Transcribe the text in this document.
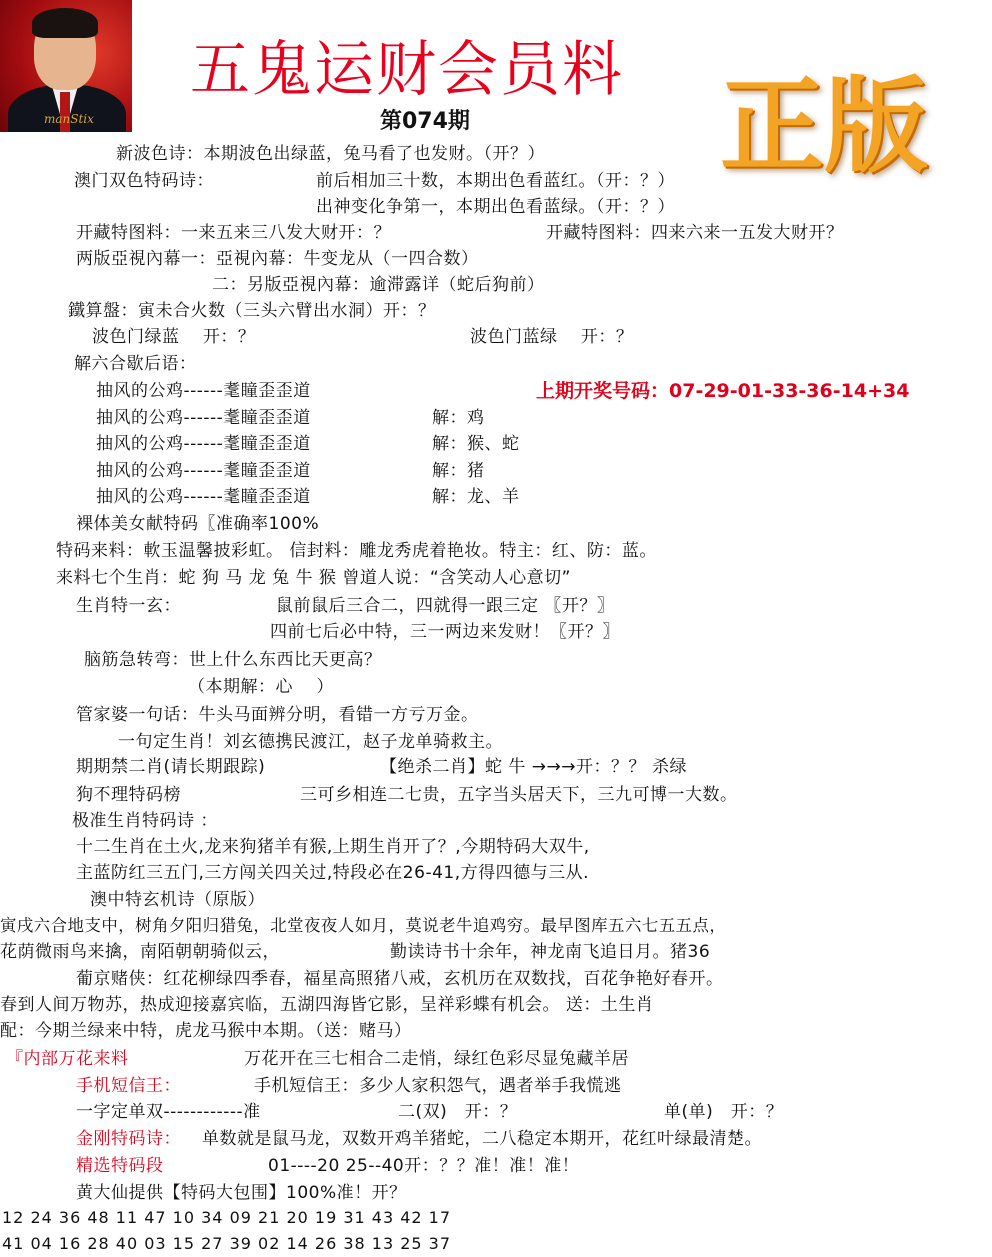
manStix
五鬼运财会员料
第074期 正版
新波色诗：本期波色出绿蓝，兔马看了也发财。（开？）
澳门双色特码诗：	前后相加三十数，本期出色看蓝红。（开：？）
出神变化争第一，本期出色看蓝绿。（开：？）
开藏特图料：一来五来三八发大财开：？	开藏特图料：四来六来一五发大财开？
两版亞視內幕一：亞視內幕：牛变龙从（一四合数）
二：另版亞視內幕：逾滞露详（蛇后狗前）
鐵算盤：寅未合火数（三头六臂出水洞）开：？
波色门绿蓝　 开：？	波色门蓝绿　 开：？
解六合歇后语：
抽风的公鸡------耄瞳歪歪道
抽风的公鸡------耄瞳歪歪道	解：鸡
抽风的公鸡------耄瞳歪歪道	解：猴、蛇
抽风的公鸡------耄瞳歪歪道	解：猪
抽风的公鸡------耄瞳歪歪道	解：龙、羊
上期开奖号码：07-29-01-33-36-14+34
裸体美女献特码〖准确率100%
特码来料：軟玉温馨披彩虹。 信封料：雕龙秀虎着艳妆。特主：红、防：蓝。
来料七个生肖：蛇 狗 马 龙 兔 牛 猴 曾道人说：“含笑动人心意切”
生肖特一玄：	鼠前鼠后三合二，四就得一跟三定 〖开？〗
四前七后必中特，三一两边来发财！〖开？〗
脑筋急转弯：世上什么东西比天更高？
（本期解：心　 ）
管家婆一句话：牛头马面辨分明，看错一方亏万金。
一句定生肖！刘玄德携民渡江，赵子龙单骑救主。
期期禁二肖(请长期跟踪)	【绝杀二肖】蛇 牛 →→→开：？？ 杀绿
狗不理特码榜	三可乡相连二七贵，五字当头居天下，三九可博一大数。
极准生肖特码诗 ：
十二生肖在土火,龙来狗猪羊有猴,上期生肖开了？,今期特码大双牛,
主蓝防红三五门,三方闯关四关过,特段必在26-41,方得四德与三从.
澳中特玄机诗（原版）
寅戌六合地支中，树角夕阳归猎兔，北堂夜夜人如月，莫说老牛追鸡穷。最早图库五六七五五点，
花荫微雨鸟来擒，南陌朝朝骑似云，	勤读诗书十余年，神龙南飞追日月。猪36
葡京赌侠：红花柳绿四季春，福星高照猪八戒，玄机历在双数找，百花争艳好春开。
春到人间万物苏，热成迎接嘉宾临，五湖四海皆它影，呈祥彩蝶有机会。 送：土生肖
配：今期兰绿来中特，虎龙马猴中本期。（送：赌马）
『内部万花来料	万花开在三七相合二走悄，绿红色彩尽显兔藏羊居
手机短信王：	手机短信王：多少人家积怨气，遇者举手我慌逃
一字定单双------------准	二(双)　开：？	单(单)　开：？
金刚特码诗： 单数就是鼠马龙，双数开鸡羊猪蛇，二八稳定本期开，花红叶绿最清楚。
精选特码段	01----20 25--40开：？？准！准！准！
黄大仙提供【特码大包围】100%准！开？
12 24 36 48 11 47 10 34 09 21 20 19 31 43 42 17
41 04 16 28 40 03 15 27 39 02 14 26 38 13 25 37
